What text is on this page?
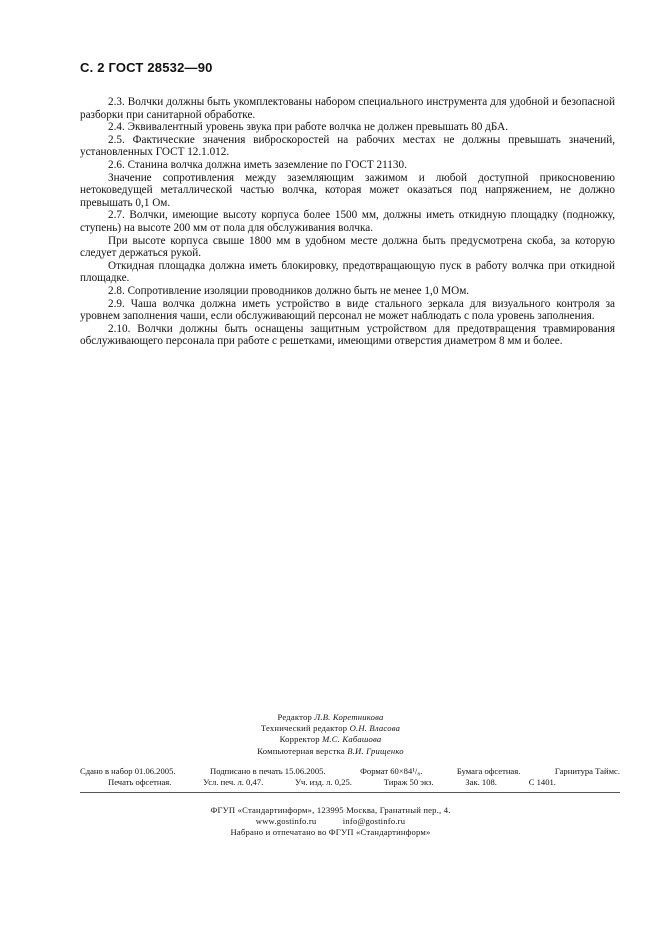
С. 2 ГОСТ 28532—90

2.3. Волчки должны быть укомплектованы набором специального инструмента для удобной и безопасной разборки при санитарной обработке.

2.4. Эквивалентный уровень звука при работе волчка не должен превышать 80 дБА.

2.5. Фактические значения виброскоростей на рабочих местах не должны превышать значений, установленных ГОСТ 12.1.012.

2.6. Станина волчка должна иметь заземление по ГОСТ 21130.

Значение сопротивления между заземляющим зажимом и любой доступной прикосновению нетоковедущей металлической частью волчка, которая может оказаться под напряжением, не должно превышать 0,1 Ом.

2.7. Волчки, имеющие высоту корпуса более 1500 мм, должны иметь откидную площадку (подножку, ступень) на высоте 200 мм от пола для обслуживания волчка.

При высоте корпуса свыше 1800 мм в удобном месте должна быть предусмотрена скоба, за которую следует держаться рукой.

Откидная площадка должна иметь блокировку, предотвращающую пуск в работу волчка при откидной площадке.

2.8. Сопротивление изоляции проводников должно быть не менее 1,0 МОм.

2.9. Чаша волчка должна иметь устройство в виде стального зеркала для визуального контроля за уровнем заполнения чаши, если обслуживающий персонал не может наблюдать с пола уровень заполнения.

2.10. Волчки должны быть оснащены защитным устройством для предотвращения травмирования обслуживающего персонала при работе с решетками, имеющими отверстия диаметром 8 мм и более.

Редактор Л.В. Коретникова
Технический редактор О.Н. Власова
Корректор М.С. Кабашова
Компьютерная верстка В.И. Грищенко
Сдано в набор 01.06.2005.	Подписано в печать 15.06.2005.	Формат 60×84¹/₈.	Бумага офсетная.	Гарнитура Таймс.
Печать офсетная.	Усл. печ. л. 0,47.	Уч. изд. л. 0,25.	Тираж 50 экз.	Зак. 108.	С 1401.
ФГУП «Стандартинформ», 123995 Москва, Гранатный пер., 4.
www.gostinfo.ru	info@gostinfo.ru
Набрано и отпечатано во ФГУП «Стандартинформ»
